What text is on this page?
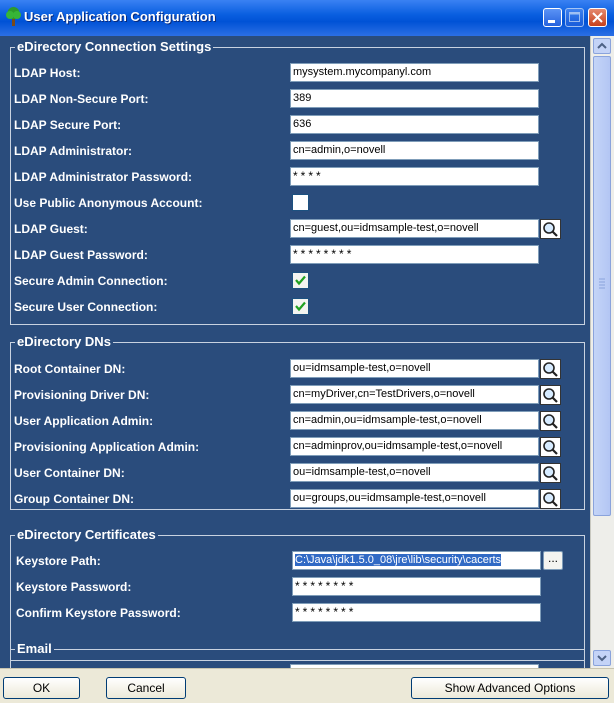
User Application Configuration
eDirectory Connection Settings
LDAP Host:	mysystem.mycompanyl.com
LDAP Non-Secure Port:	389
LDAP Secure Port:	636
LDAP Administrator:	cn=admin,o=novell
LDAP Administrator Password:	****
Use Public Anonymous Account:
LDAP Guest:	cn=guest,ou=idmsample-test,o=novell
LDAP Guest Password:	********
Secure Admin Connection:
Secure User Connection:
eDirectory DNs
Root Container DN:	ou=idmsample-test,o=novell
Provisioning Driver DN:	cn=myDriver,cn=TestDrivers,o=novell
User Application Admin:	cn=admin,ou=idmsample-test,o=novell
Provisioning Application Admin:	cn=adminprov,ou=idmsample-test,o=novell
User Container DN:	ou=idmsample-test,o=novell
Group Container DN:	ou=groups,ou=idmsample-test,o=novell
eDirectory Certificates
Keystore Path:	C:\Java\jdk1.5.0_08\jre\lib\security\cacerts	...
Keystore Password:	********
Confirm Keystore Password:	********
Email
OK	Cancel	Show Advanced Options
